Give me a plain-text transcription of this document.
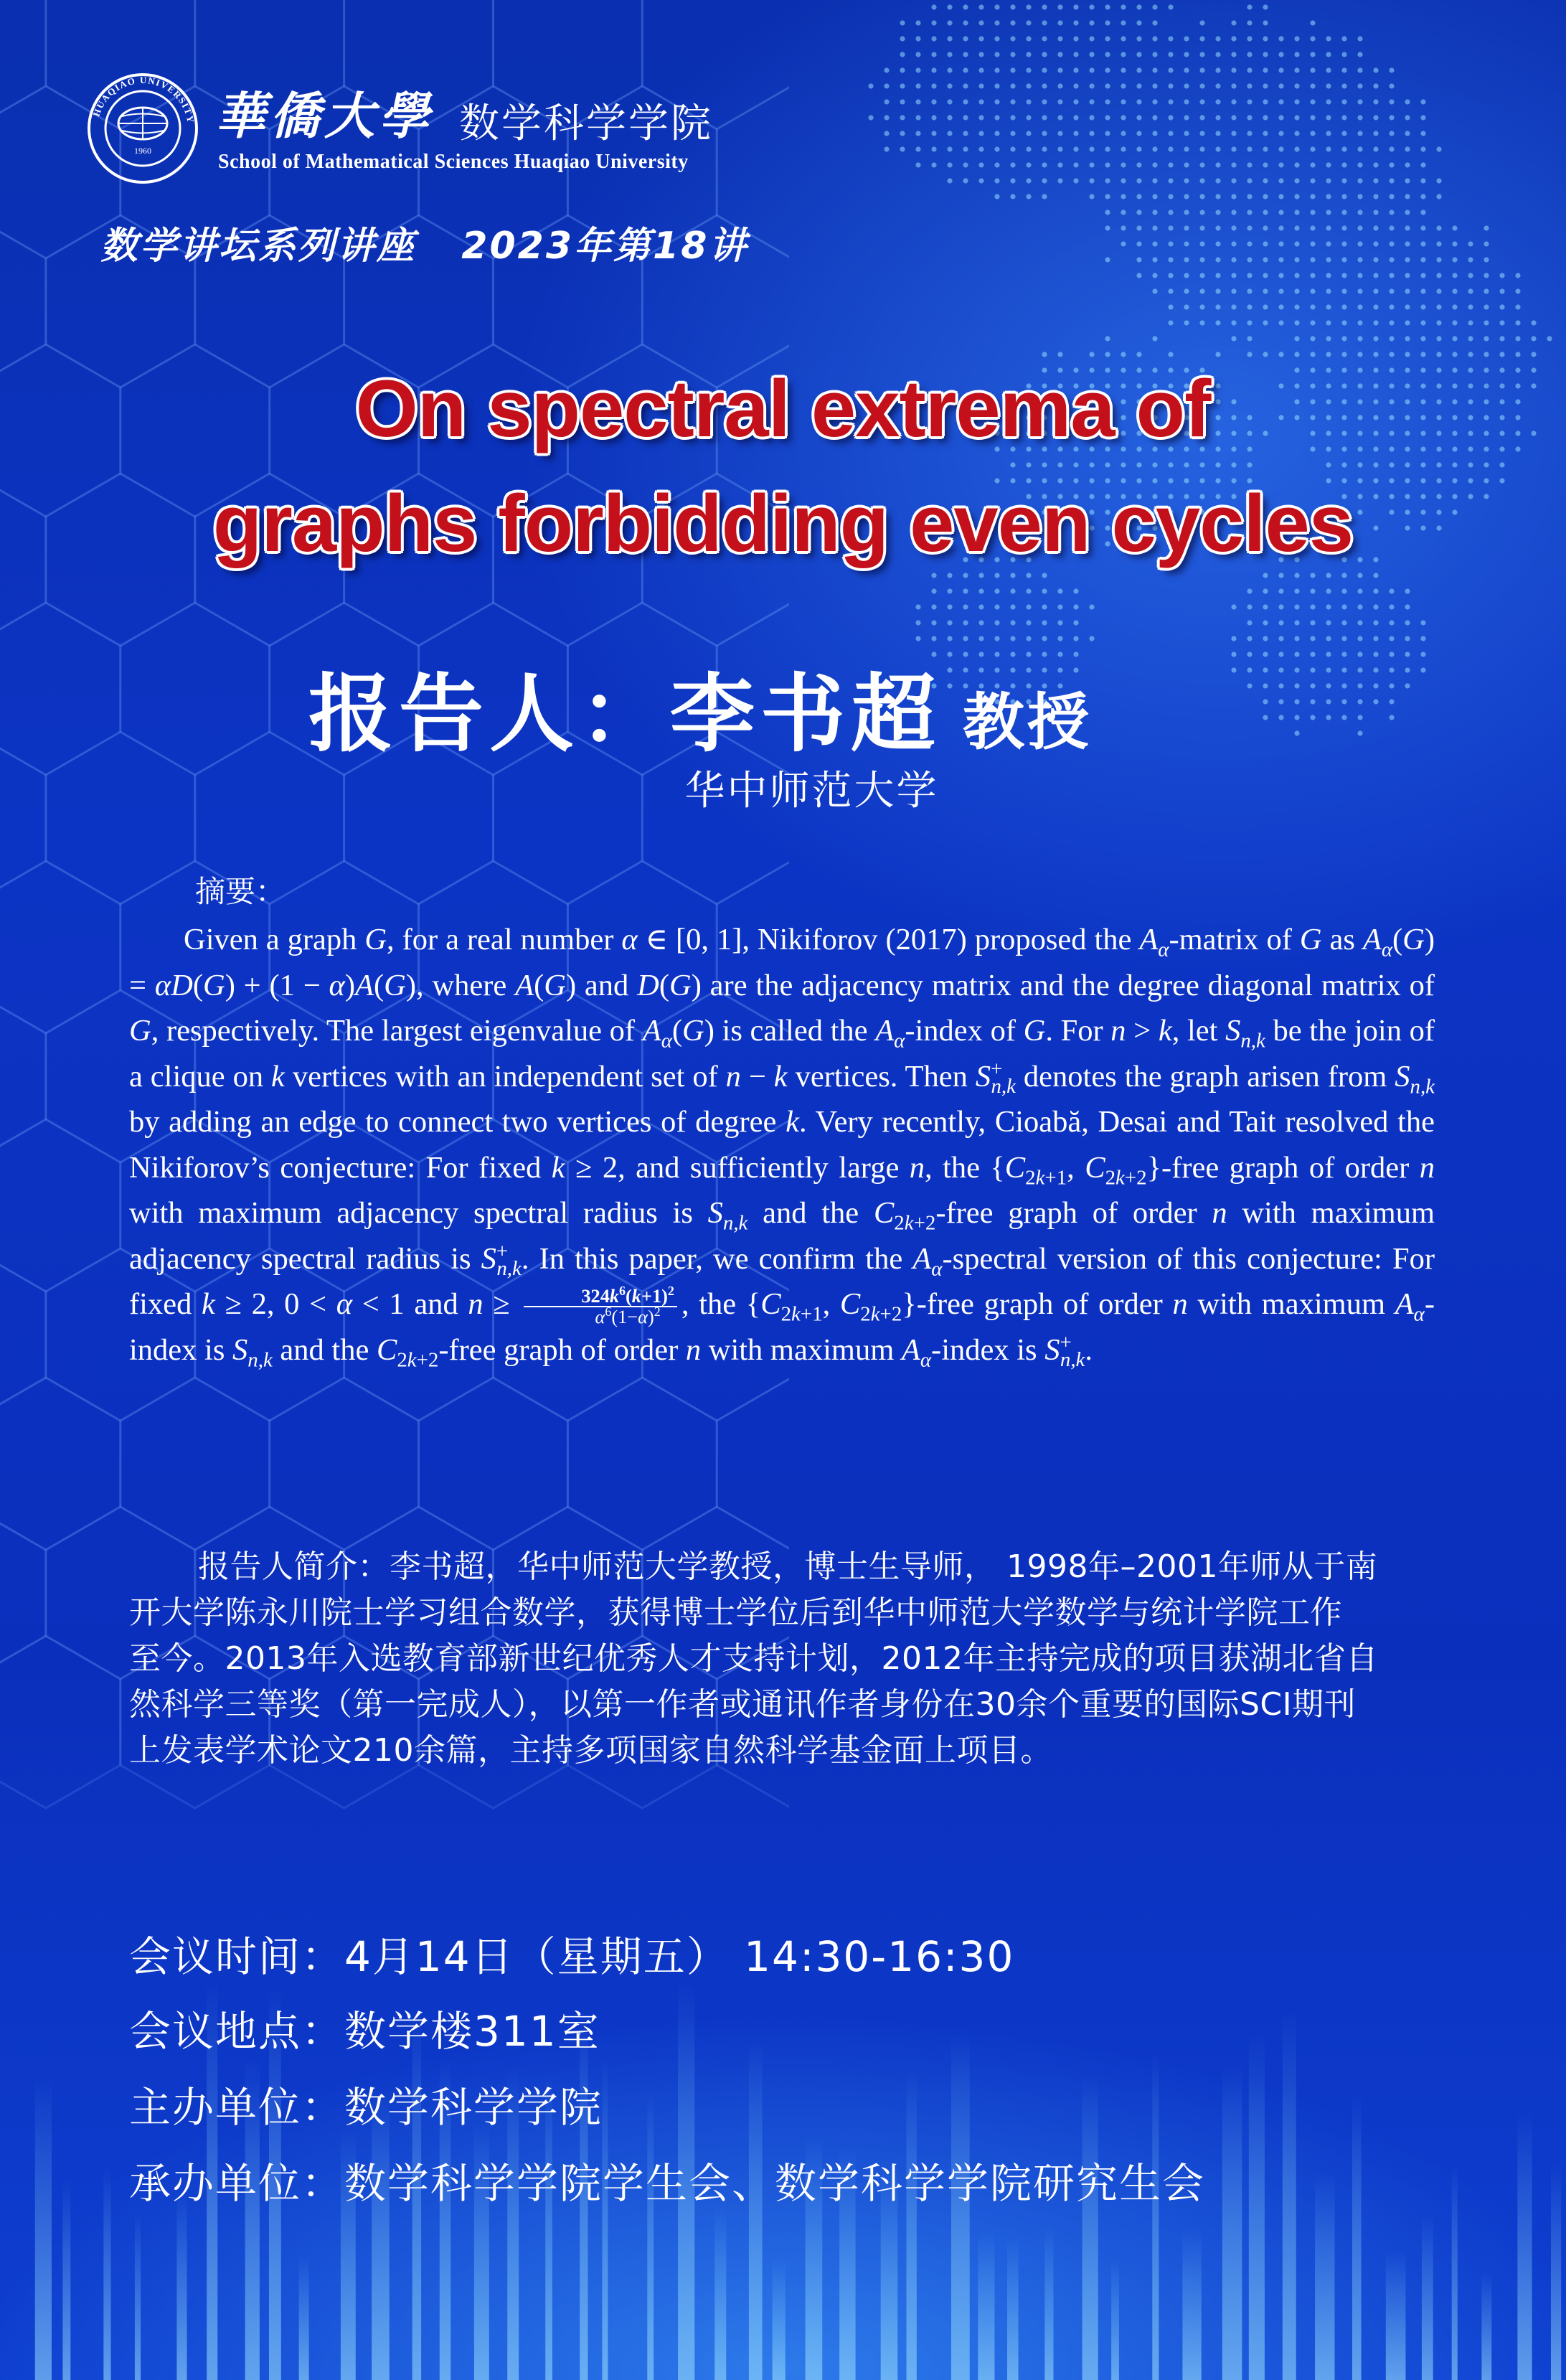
HUAQIAO UNIVERSITY
1960
華僑大學 数学科学学院
School of Mathematical Sciences Huaqiao University
数学讲坛系列讲座   2023年第18讲
On spectral extrema of
graphs forbidding even cycles
报告人：李书超 教授
华中师范大学
摘要：
Given a graph G, for a real number α ∈ [0, 1], Nikiforov (2017) proposed the $A_\alpha$-matrix of G as $A_\alpha(G) = \alpha D(G) + (1 - \alpha)A(G)$, where A(G) and D(G) are the adjacency matrix and the degree diagonal matrix of G, respectively. The largest eigenvalue of $A_\alpha(G)$ is called the $A_\alpha$-index of G. For n > k, let $S_{n,k}$ be the join of a clique on k vertices with an independent set of n − k vertices. Then $S^+_{n,k}$ denotes the graph arisen from $S_{n,k}$ by adding an edge to connect two vertices of degree k. Very recently, Cioabă, Desai and Tait resolved the Nikiforov’s conjecture: For fixed k ≥ 2, and sufficiently large n, the {$C_{2k+1}$, $C_{2k+2}$}-free graph of order n with maximum adjacency spectral radius is $S_{n,k}$ and the $C_{2k+2}$-free graph of order n with maximum adjacency spectral radius is $S^+_{n,k}$. In this paper, we confirm the $A_\alpha$-spectral version of this conjecture: For fixed k ≥ 2, 0 < α < 1 and $n \ge \frac{324k^6(k+1)^2}{\alpha^6(1-\alpha)^2}$ , the {$C_{2k+1}$, $C_{2k+2}$}-free graph of order n with maximum $A_\alpha$-index is $S_{n,k}$ and the $C_{2k+2}$-free graph of order n with maximum $A_\alpha$-index is $S^+_{n,k}$.
报告人简介：李书超，华中师范大学教授，博士生导师， 1998年–2001年师从于南
开大学陈永川院士学习组合数学，获得博士学位后到华中师范大学数学与统计学院工作
至今。2013年入选教育部新世纪优秀人才支持计划，2012年主持完成的项目获湖北省自
然科学三等奖（第一完成人），以第一作者或通讯作者身份在30余个重要的国际SCI期刊
上发表学术论文210余篇，主持多项国家自然科学基金面上项目。
会议时间：4月14日（星期五） 14:30-16:30
会议地点：数学楼311室
主办单位：数学科学学院
承办单位：数学科学学院学生会、数学科学学院研究生会
